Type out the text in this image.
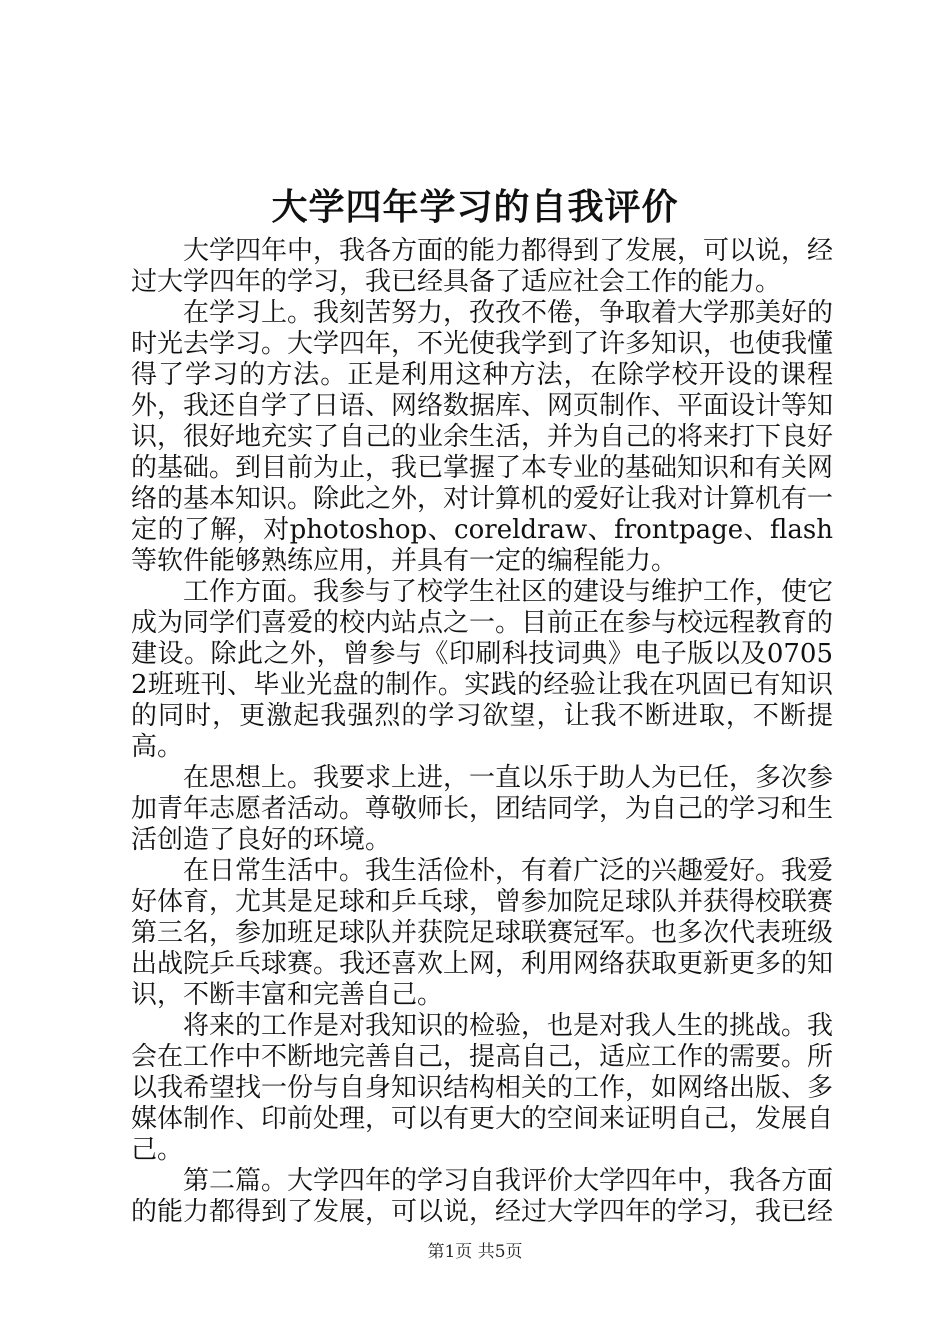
大学四年学习的自我评价

大学四年中，我各方面的能力都得到了发展，可以说，经过大学四年的学习，我已经具备了适应社会工作的能力。

在学习上。我刻苦努力，孜孜不倦，争取着大学那美好的时光去学习。大学四年，不光使我学到了许多知识，也使我懂得了学习的方法。正是利用这种方法，在除学校开设的课程外，我还自学了日语、网络数据库、网页制作、平面设计等知识，很好地充实了自己的业余生活，并为自己的将来打下良好的基础。到目前为止，我已掌握了本专业的基础知识和有关网络的基本知识。除此之外，对计算机的爱好让我对计算机有一定的了解，对photoshop、coreldraw、frontpage、flash等软件能够熟练应用，并具有一定的编程能力。

工作方面。我参与了校学生社区的建设与维护工作，使它成为同学们喜爱的校内站点之一。目前正在参与校远程教育的建设。除此之外，曾参与《印刷科技词典》电子版以及07052班班刊、毕业光盘的制作。实践的经验让我在巩固已有知识的同时，更激起我强烈的学习欲望，让我不断进取，不断提高。

在思想上。我要求上进，一直以乐于助人为已任，多次参加青年志愿者活动。尊敬师长，团结同学，为自己的学习和生活创造了良好的环境。

在日常生活中。我生活俭朴，有着广泛的兴趣爱好。我爱好体育，尤其是足球和乒乓球，曾参加院足球队并获得校联赛第三名，参加班足球队并获院足球联赛冠军。也多次代表班级出战院乒乓球赛。我还喜欢上网，利用网络获取更新更多的知识，不断丰富和完善自己。

将来的工作是对我知识的检验，也是对我人生的挑战。我会在工作中不断地完善自己，提高自己，适应工作的需要。所以我希望找一份与自身知识结构相关的工作，如网络出版、多媒体制作、印前处理，可以有更大的空间来证明自己，发展自己。

第二篇。大学四年的学习自我评价大学四年中，我各方面的能力都得到了发展，可以说，经过大学四年的学习，我已经

第1页 共5页
